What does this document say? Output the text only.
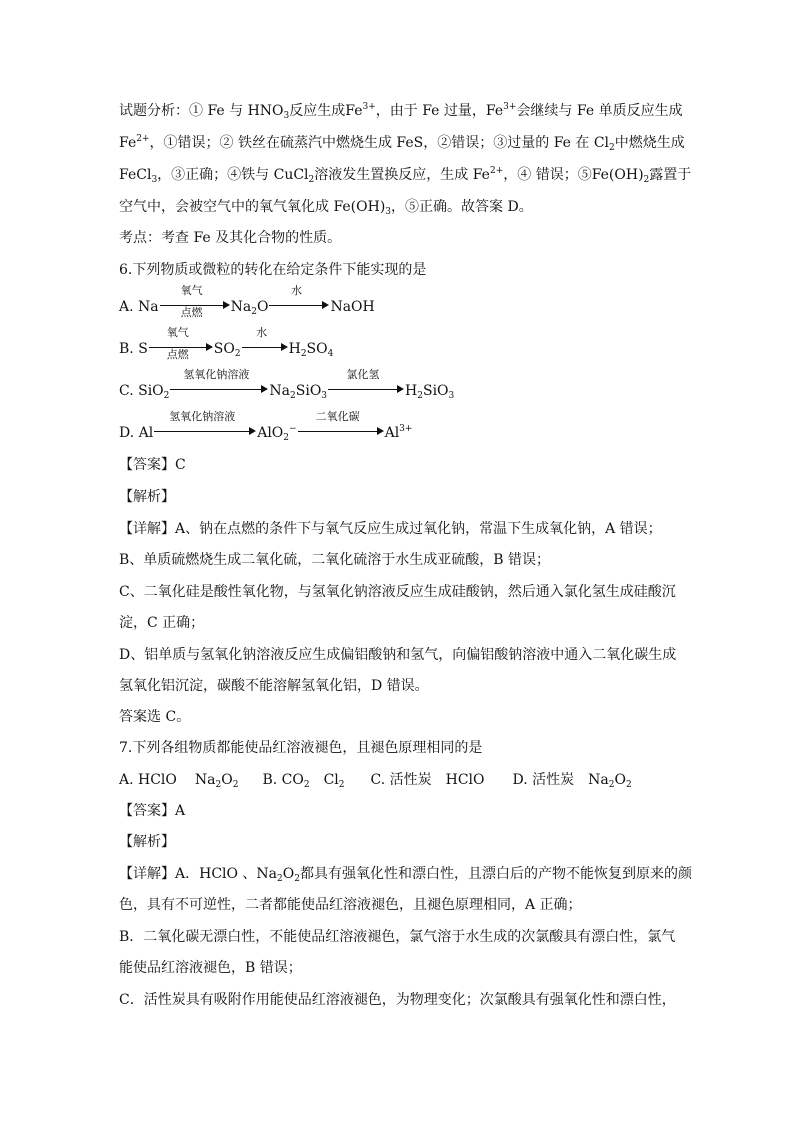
试题分析：① Fe 与 $HNO_3$反应生成$Fe^{3+}$，由于 Fe 过量，$Fe^{3+}$会继续与 Fe 单质反应生成
$Fe^{2+}$，①错误；② 铁丝在硫蒸汽中燃烧生成 FeS，②错误；③过量的 Fe 在 $Cl_2$中燃烧生成
FeCl$_3$，③正确；④铁与 CuCl$_2$溶液发生置换反应，生成 $Fe^{2+}$，④ 错误；$⑤Fe(OH)_2$露置于
空气中，会被空气中的氧气氧化成 $Fe(OH)_3$，⑤正确。故答案 D。
考点：考查 Fe 及其化合物的性质。
6.下列物质或微粒的转化在给定条件下能实现的是
A. Na
氧气
点燃	$Na_2O$
水
NaOH
B. S
氧气
点燃	$SO_2$
水
$H_2SO_4$
C. SiO$_2$
氢氧化钠溶液
$Na_2SiO_3$
氯化氢
$H_2SiO_3$
D. Al
氢氧化钠溶液
AlO$_2$−
二氧化碳
$Al^{3+}$
【答案】C
【解析】
【详解】A、钠在点燃的条件下与氧气反应生成过氧化钠，常温下生成氧化钠，A 错误；
B、单质硫燃烧生成二氧化硫，二氧化硫溶于水生成亚硫酸，B 错误；
C、二氧化硅是酸性氧化物，与氢氧化钠溶液反应生成硅酸钠，然后通入氯化氢生成硅酸沉
淀，C 正确；
D、铝单质与氢氧化钠溶液反应生成偏铝酸钠和氢气，向偏铝酸钠溶液中通入二氧化碳生成
氢氧化铝沉淀，碳酸不能溶解氢氧化铝，D 错误。
答案选 C。
7.下列各组物质都能使品红溶液褪色，且褪色原理相同的是
A. HClO $Na_2O_2$ B. $CO_2$ $Cl_2$ C. 活性炭 HClO D. 活性炭 $Na_2O_2$
【答案】A
【解析】
【详解】A．HClO 、$Na_2O_2$都具有强氧化性和漂白性，且漂白后的产物不能恢复到原来的颜
色，具有不可逆性，二者都能使品红溶液褪色，且褪色原理相同，A 正确；
B．二氧化碳无漂白性，不能使品红溶液褪色，氯气溶于水生成的次氯酸具有漂白性，氯气
能使品红溶液褪色，B 错误；
C．活性炭具有吸附作用能使品红溶液褪色，为物理变化；次氯酸具有强氧化性和漂白性，
